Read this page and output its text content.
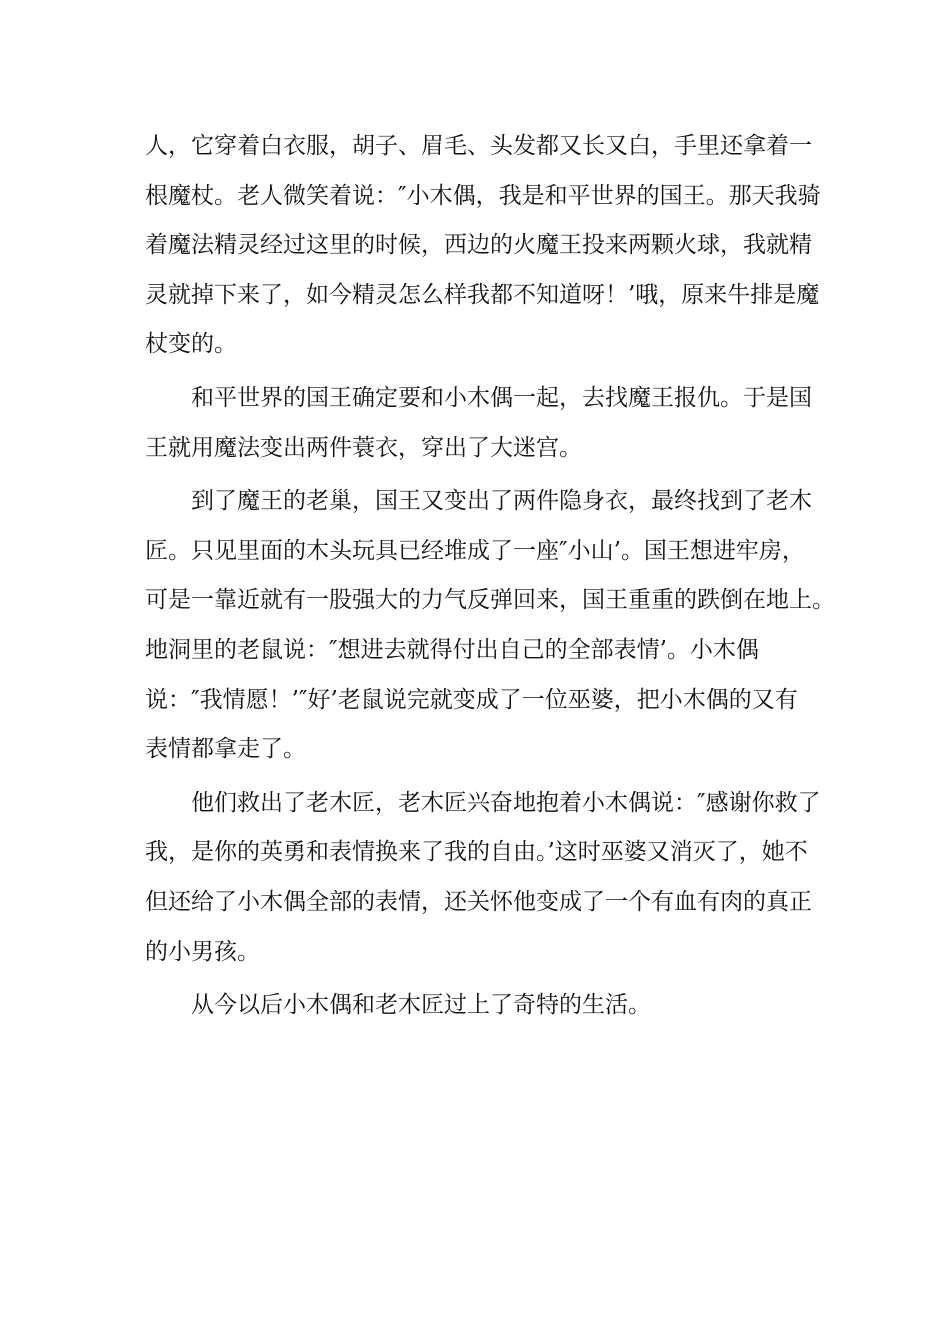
人，它穿着白衣服，胡子、眉毛、头发都又长又白，手里还拿着一
根魔杖。老人微笑着说：″小木偶，我是和平世界的国王。那天我骑
着魔法精灵经过这里的时候，西边的火魔王投来两颗火球，我就精
灵就掉下来了，如今精灵怎么样我都不知道呀！’哦，原来牛排是魔
杖变的。
和平世界的国王确定要和小木偶一起，去找魔王报仇。于是国
王就用魔法变出两件蓑衣，穿出了大迷宫。
到了魔王的老巢，国王又变出了两件隐身衣，最终找到了老木
匠。只见里面的木头玩具已经堆成了一座″小山’。国王想进牢房，
可是一靠近就有一股强大的力气反弹回来，国王重重的跌倒在地上。
地洞里的老鼠说：″想进去就得付出自己的全部表情’。小木偶
说：″我情愿！’″好’老鼠说完就变成了一位巫婆，把小木偶的又有
表情都拿走了。
他们救出了老木匠，老木匠兴奋地抱着小木偶说：″感谢你救了
我，是你的英勇和表情换来了我的自由。’这时巫婆又消灭了，她不
但还给了小木偶全部的表情，还关怀他变成了一个有血有肉的真正
的小男孩。
从今以后小木偶和老木匠过上了奇特的生活。
